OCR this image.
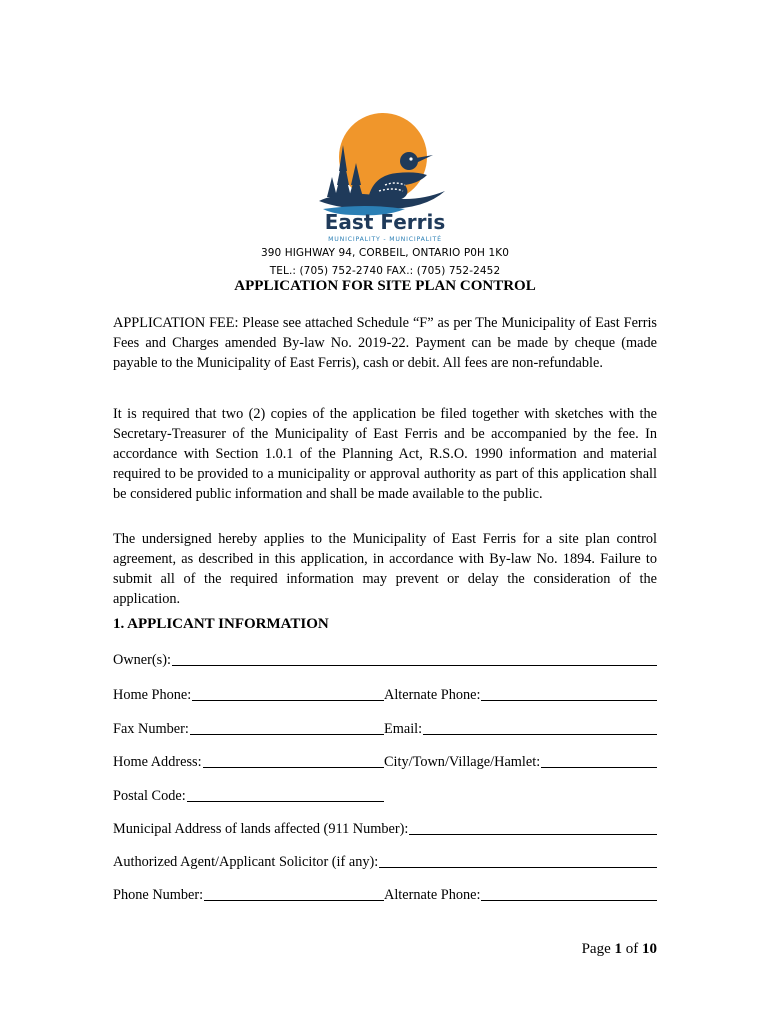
East Ferris
MUNICIPALITY - MUNICIPALITÉ
390 HIGHWAY 94, CORBEIL, ONTARIO P0H 1K0
TEL.: (705) 752-2740 FAX.: (705) 752-2452
APPLICATION FOR SITE PLAN CONTROL
APPLICATION FEE: Please see attached Schedule “F” as per The Municipality of East Ferris Fees and Charges amended By-law No. 2019-22. Payment can be made by cheque (made payable to the Municipality of East Ferris), cash or debit. All fees are non-refundable.
It is required that two (2) copies of the application be filed together with sketches with the Secretary-Treasurer of the Municipality of East Ferris and be accompanied by the fee. In accordance with Section 1.0.1 of the Planning Act, R.S.O. 1990 information and material required to be provided to a municipality or approval authority as part of this application shall be considered public information and shall be made available to the public.
The undersigned hereby applies to the Municipality of East Ferris for a site plan control agreement, as described in this application, in accordance with By-law No. 1894. Failure to submit all of the required information may prevent or delay the consideration of the application.
1. APPLICANT INFORMATION
Owner(s):
Home Phone:	Alternate Phone:
Fax Number:	Email:
Home Address:	City/Town/Village/Hamlet:
Postal Code:
Municipal Address of lands affected (911 Number):
Authorized Agent/Applicant Solicitor (if any):
Phone Number:	Alternate Phone:
Page 1 of 10
